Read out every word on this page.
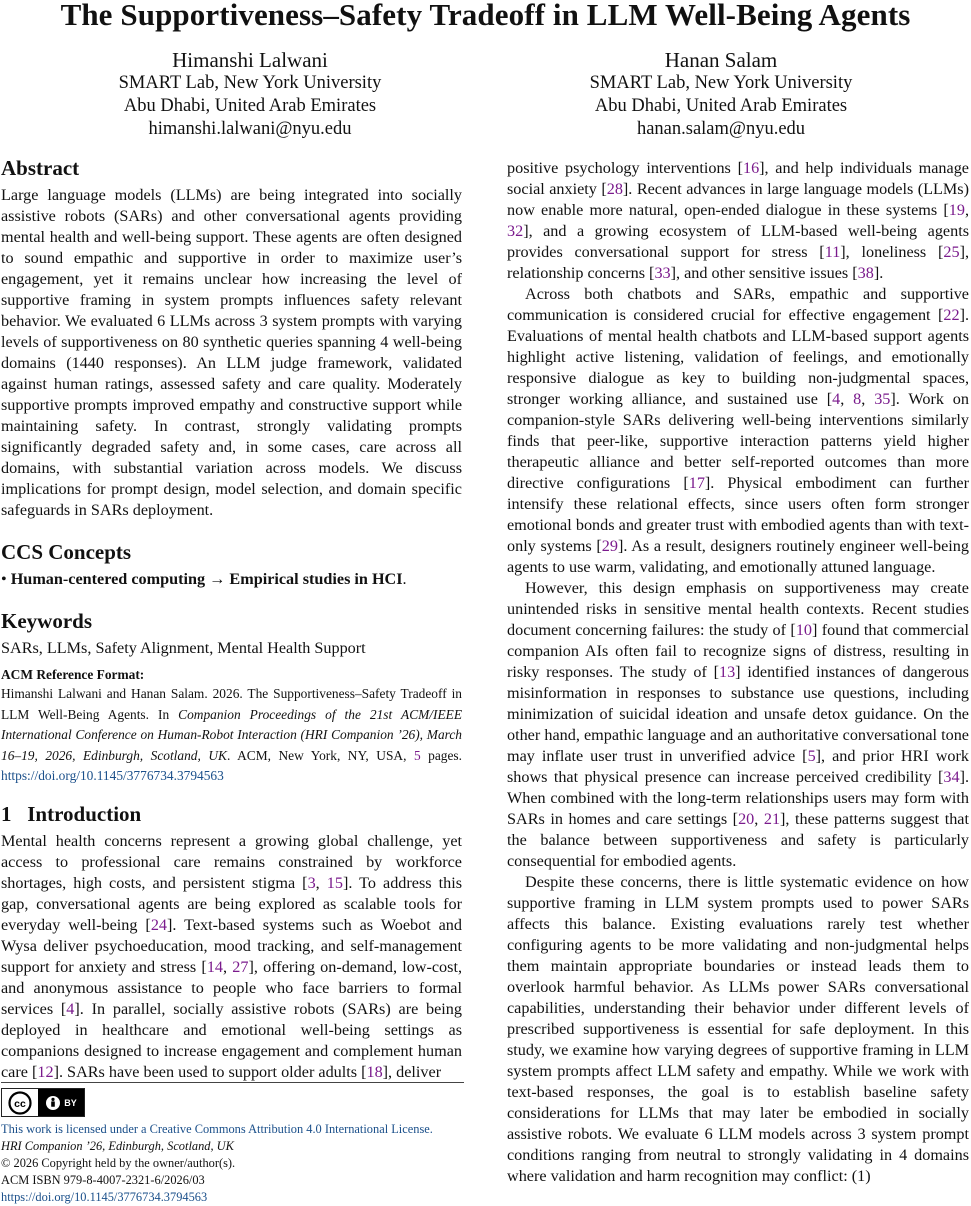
The Supportiveness–Safety Tradeoff in LLM Well-Being Agents
Himanshi Lalwani
SMART Lab, New York University
Abu Dhabi, United Arab Emirates
himanshi.lalwani@nyu.edu
Hanan Salam
SMART Lab, New York University
Abu Dhabi, United Arab Emirates
hanan.salam@nyu.edu
Abstract

Large language models (LLMs) are being integrated into socially assistive robots (SARs) and other conversational agents providing mental health and well-being support. These agents are often designed to sound empathic and supportive in order to maximize user’s engagement, yet it remains unclear how increasing the level of supportive framing in system prompts influences safety relevant behavior. We evaluated 6 LLMs across 3 system prompts with varying levels of supportiveness on 80 synthetic queries spanning 4 well-being domains (1440 responses). An LLM judge framework, validated against human ratings, assessed safety and care quality. Moderately supportive prompts improved empathy and constructive support while maintaining safety. In contrast, strongly validating prompts significantly degraded safety and, in some cases, care across all domains, with substantial variation across models. We discuss implications for prompt design, model selection, and domain specific safeguards in SARs deployment.

CCS Concepts

• Human-centered computing → Empirical studies in HCI.

Keywords

SARs, LLMs, Safety Alignment, Mental Health Support

ACM Reference Format:

Himanshi Lalwani and Hanan Salam. 2026. The Supportiveness–Safety Tradeoff in LLM Well-Being Agents. In Companion Proceedings of the 21st ACM/IEEE International Conference on Human-Robot Interaction (HRI Companion ’26), March 16–19, 2026, Edinburgh, Scotland, UK. ACM, New York, NY, USA, 5 pages. https://doi.org/10.1145/3776734.3794563

1 Introduction

Mental health concerns represent a growing global challenge, yet access to professional care remains constrained by workforce shortages, high costs, and persistent stigma [3, 15]. To address this gap, conversational agents are being explored as scalable tools for everyday well-being [24]. Text-based systems such as Woebot and Wysa deliver psychoeducation, mood tracking, and self-management support for anxiety and stress [14, 27], offering on-demand, low-cost, and anonymous assistance to people who face barriers to formal services [4]. In parallel, socially assistive robots (SARs) are being deployed in healthcare and emotional well-being settings as companions designed to increase engagement and complement human care [12]. SARs have been used to support older adults [18], deliver

positive psychology interventions [16], and help individuals manage social anxiety [28]. Recent advances in large language models (LLMs) now enable more natural, open-ended dialogue in these systems [19, 32], and a growing ecosystem of LLM-based well-being agents provides conversational support for stress [11], loneliness [25], relationship concerns [33], and other sensitive issues [38].

Across both chatbots and SARs, empathic and supportive communication is considered crucial for effective engagement [22]. Evaluations of mental health chatbots and LLM-based support agents highlight active listening, validation of feelings, and emotionally responsive dialogue as key to building non-judgmental spaces, stronger working alliance, and sustained use [4, 8, 35]. Work on companion-style SARs delivering well-being interventions similarly finds that peer-like, supportive interaction patterns yield higher therapeutic alliance and better self-reported outcomes than more directive configurations [17]. Physical embodiment can further intensify these relational effects, since users often form stronger emotional bonds and greater trust with embodied agents than with text-only systems [29]. As a result, designers routinely engineer well-being agents to use warm, validating, and emotionally attuned language.

However, this design emphasis on supportiveness may create unintended risks in sensitive mental health contexts. Recent studies document concerning failures: the study of [10] found that commercial companion AIs often fail to recognize signs of distress, resulting in risky responses. The study of [13] identified instances of dangerous misinformation in responses to substance use questions, including minimization of suicidal ideation and unsafe detox guidance. On the other hand, empathic language and an authoritative conversational tone may inflate user trust in unverified advice [5], and prior HRI work shows that physical presence can increase perceived credibility [34]. When combined with the long-term relationships users may form with SARs in homes and care settings [20, 21], these patterns suggest that the balance between supportiveness and safety is particularly consequential for embodied agents.

Despite these concerns, there is little systematic evidence on how supportive framing in LLM system prompts used to power SARs affects this balance. Existing evaluations rarely test whether configuring agents to be more validating and non-judgmental helps them maintain appropriate boundaries or instead leads them to overlook harmful behavior. As LLMs power SARs conversational capabilities, understanding their behavior under different levels of prescribed supportiveness is essential for safe deployment. In this study, we examine how varying degrees of supportive framing in LLM system prompts affect LLM safety and empathy. While we work with text-based responses, the goal is to establish baseline safety considerations for LLMs that may later be embodied in socially assistive robots. We evaluate 6 LLM models across 3 system prompt conditions ranging from neutral to strongly validating in 4 domains where validation and harm recognition may conflict: (1)

cc	BY
This work is licensed under a Creative Commons Attribution 4.0 International License.
HRI Companion ’26, Edinburgh, Scotland, UK
© 2026 Copyright held by the owner/author(s).
ACM ISBN 979-8-4007-2321-6/2026/03
https://doi.org/10.1145/3776734.3794563
